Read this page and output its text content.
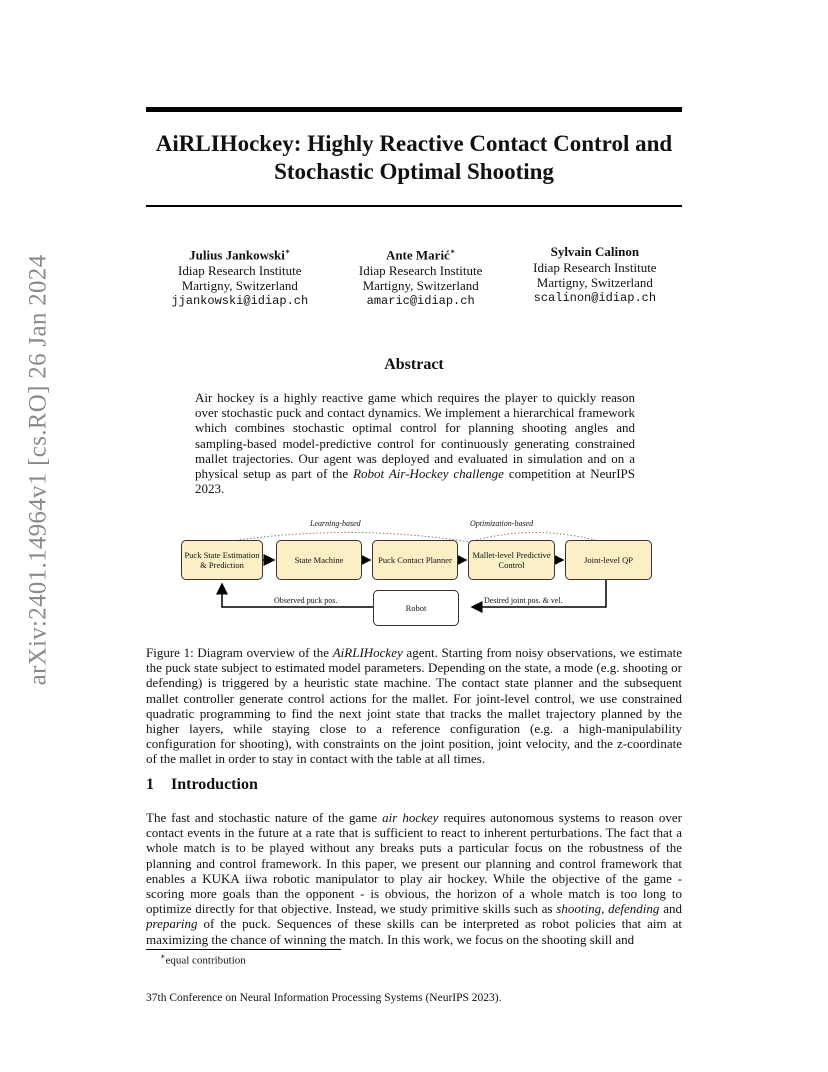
arXiv:2401.14964v1 [cs.RO] 26 Jan 2024
AiRLIHockey: Highly Reactive Contact Control and Stochastic Optimal Shooting
Julius Jankowski∗
Idiap Research Institute
Martigny, Switzerland
jjankowski@idiap.ch
Ante Marić∗
Idiap Research Institute
Martigny, Switzerland
amaric@idiap.ch
Sylvain Calinon
Idiap Research Institute
Martigny, Switzerland
scalinon@idiap.ch
Abstract
Air hockey is a highly reactive game which requires the player to quickly reason over stochastic puck and contact dynamics. We implement a hierarchical framework which combines stochastic optimal control for planning shooting angles and sampling-based model-predictive control for continuously generating constrained mallet trajectories. Our agent was deployed and evaluated in simulation and on a physical setup as part of the Robot Air-Hockey challenge competition at NeurIPS 2023.
Learning-based	Optimization-based
Puck State Estimation & Prediction	State Machine	Puck Contact Planner	Mallet-level Predictive Control	Joint-level QP
Robot
Observed puck pos.	Desired joint pos. & vel.
Figure 1: Diagram overview of the AiRLIHockey agent. Starting from noisy observations, we estimate the puck state subject to estimated model parameters. Depending on the state, a mode (e.g. shooting or defending) is triggered by a heuristic state machine. The contact state planner and the subsequent mallet controller generate control actions for the mallet. For joint-level control, we use constrained quadratic programming to find the next joint state that tracks the mallet trajectory planned by the higher layers, while staying close to a reference configuration (e.g. a high-manipulability configuration for shooting), with constraints on the joint position, joint velocity, and the z-coordinate of the mallet in order to stay in contact with the table at all times.
1 Introduction
The fast and stochastic nature of the game air hockey requires autonomous systems to reason over contact events in the future at a rate that is sufficient to react to inherent perturbations. The fact that a whole match is to be played without any breaks puts a particular focus on the robustness of the planning and control framework. In this paper, we present our planning and control framework that enables a KUKA iiwa robotic manipulator to play air hockey. While the objective of the game - scoring more goals than the opponent - is obvious, the horizon of a whole match is too long to optimize directly for that objective. Instead, we study primitive skills such as shooting, defending and preparing of the puck. Sequences of these skills can be interpreted as robot policies that aim at maximizing the chance of winning the match. In this work, we focus on the shooting skill and
∗equal contribution
37th Conference on Neural Information Processing Systems (NeurIPS 2023).
